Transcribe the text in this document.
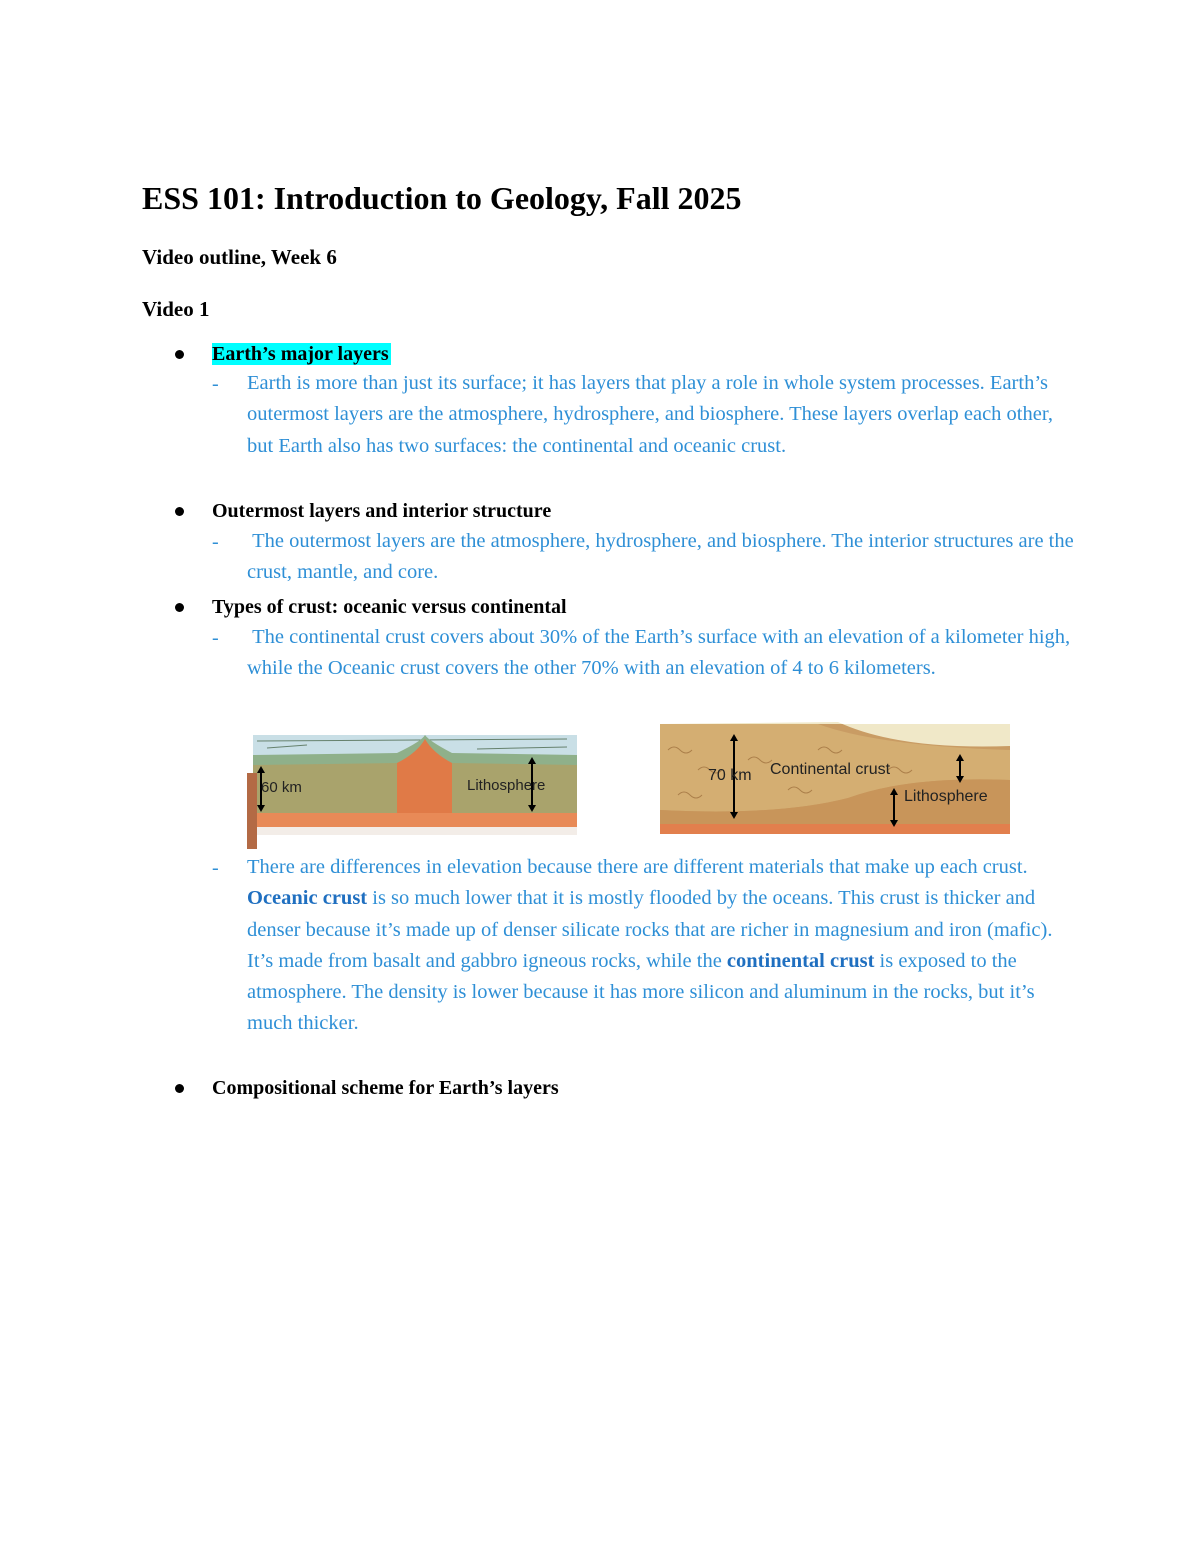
ESS 101: Introduction to Geology, Fall 2025
Video outline, Week 6
Video 1
Earth’s major layers
- Earth is more than just its surface; it has layers that play a role in whole system processes. Earth’s outermost layers are the atmosphere, hydrosphere, and biosphere. These layers overlap each other, but Earth also has two surfaces: the continental and oceanic crust.
Outermost layers and interior structure
- The outermost layers are the atmosphere, hydrosphere, and biosphere. The interior structures are the crust, mantle, and core.
Types of crust: oceanic versus continental
- The continental crust covers about 30% of the Earth’s surface with an elevation of a kilometer high, while the Oceanic crust covers the other 70% with an elevation of 4 to 6 kilometers.
60 km	Lithosphere
70 km Continental crust
Lithosphere
- There are differences in elevation because there are different materials that make up each crust. Oceanic crust is so much lower that it is mostly flooded by the oceans. This crust is thicker and denser because it’s made up of denser silicate rocks that are richer in magnesium and iron (mafic). It’s made from basalt and gabbro igneous rocks, while the continental crust is exposed to the atmosphere. The density is lower because it has more silicon and aluminum in the rocks, but it’s much thicker.
Compositional scheme for Earth’s layers
